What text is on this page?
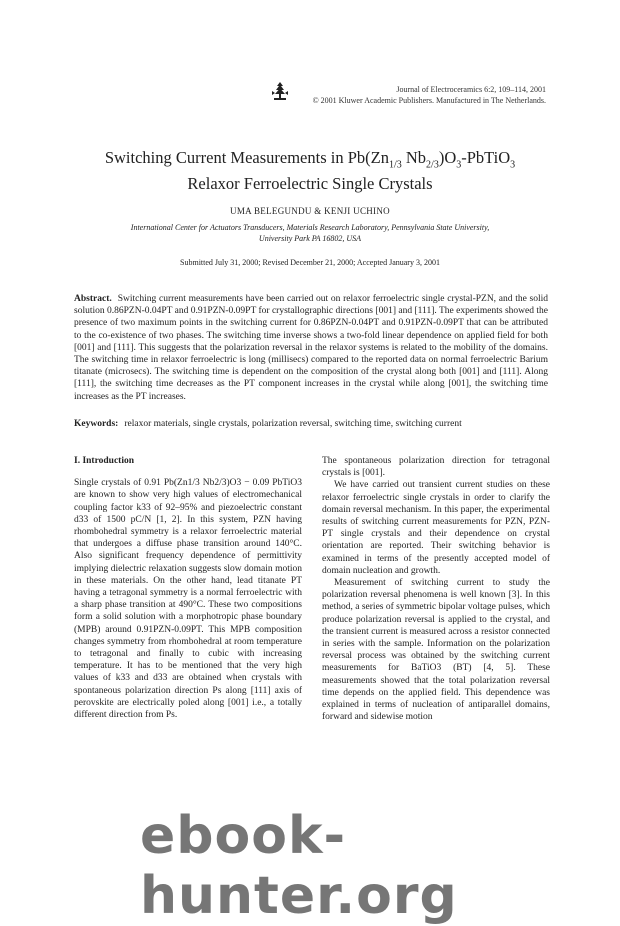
Journal of Electroceramics 6:2, 109–114, 2001
© 2001 Kluwer Academic Publishers. Manufactured in The Netherlands.
Switching Current Measurements in $Pb(Zn_{1/3}$ $Nb_{2/3})O_3-PbTiO_3$
Relaxor Ferroelectric Single Crystals
UMA BELEGUNDU & KENJI UCHINO
International Center for Actuators Transducers, Materials Research Laboratory, Pennsylvania State University,
University Park PA 16802, USA
Submitted July 31, 2000; Revised December 21, 2000; Accepted January 3, 2001
Abstract. Switching current measurements have been carried out on relaxor ferroelectric single crystal-PZN, and the solid solution 0.86PZN-0.04PT and 0.91PZN-0.09PT for crystallographic directions [001] and [111]. The experiments showed the presence of two maximum points in the switching current for 0.86PZN-0.04PT and 0.91PZN-0.09PT that can be attributed to the co-existence of two phases. The switching time inverse shows a two-fold linear dependence on applied field for both [001] and [111]. This suggests that the polarization reversal in the relaxor systems is related to the mobility of the domains. The switching time in relaxor ferroelectric is long (millisecs) compared to the reported data on normal ferroelectric Barium titanate (microsecs). The switching time is dependent on the composition of the crystal along both [001] and [111]. Along [111], the switching time decreases as the PT component increases in the crystal while along [001], the switching time increases as the PT increases.
Keywords: relaxor materials, single crystals, polarization reversal, switching time, switching current
I. Introduction

Single crystals of 0.91 Pb(Zn1/3 Nb2/3)O3 − 0.09 PbTiO3 are known to show very high values of electromechanical coupling factor k33 of 92–95% and piezoelectric constant d33 of 1500 pC/N [1, 2]. In this system, PZN having rhombohedral symmetry is a relaxor ferroelectric material that undergoes a diffuse phase transition around 140°C. Also significant frequency dependence of permittivity implying dielectric relaxation suggests slow domain motion in these materials. On the other hand, lead titanate PT having a tetragonal symmetry is a normal ferroelectric with a sharp phase transition at 490°C. These two compositions form a solid solution with a morphotropic phase boundary (MPB) around 0.91PZN-0.09PT. This MPB composition changes symmetry from rhombohedral at room temperature to tetragonal and finally to cubic with increasing temperature. It has to be mentioned that the very high values of k33 and d33 are obtained when crystals with spontaneous polarization direction Ps along [111] axis of perovskite are electrically poled along [001] i.e., a totally different direction from Ps.

The spontaneous polarization direction for tetragonal crystals is [001].

We have carried out transient current studies on these relaxor ferroelectric single crystals in order to clarify the domain reversal mechanism. In this paper, the experimental results of switching current measurements for PZN, PZN-PT single crystals and their dependence on crystal orientation are reported. Their switching behavior is examined in terms of the presently accepted model of domain nucleation and growth.

Measurement of switching current to study the polarization reversal phenomena is well known [3]. In this method, a series of symmetric bipolar voltage pulses, which produce polarization reversal is applied to the crystal, and the transient current is measured across a resistor connected in series with the sample. Information on the polarization reversal process was obtained by the switching current measurements for BaTiO3 (BT) [4, 5]. These measurements showed that the total polarization reversal time depends on the applied field. This dependence was explained in terms of nucleation of antiparallel domains, forward and sidewise motion

ebook-hunter.org
